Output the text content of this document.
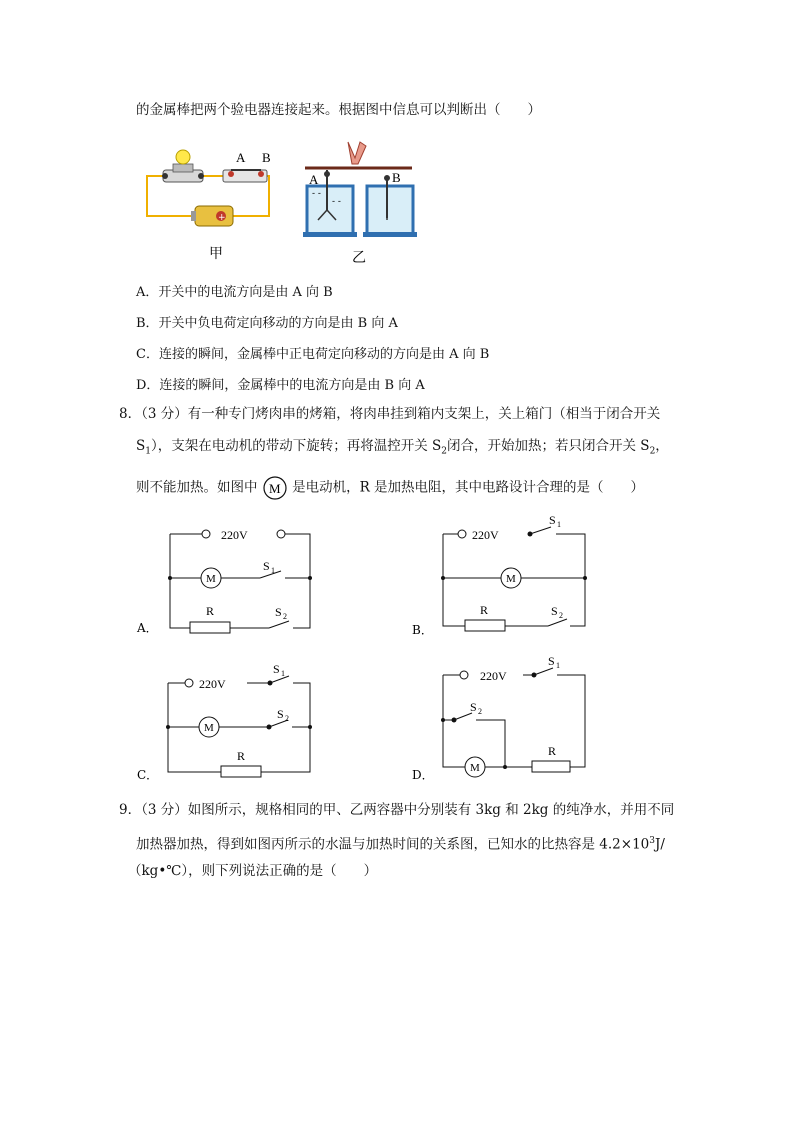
的金属棒把两个验电器连接起来。根据图中信息可以判断出（　　）
A B
+
甲
- -
- -
A	B
乙
A．开关中的电流方向是由 A 向 B
B．开关中负电荷定向移动的方向是由 B 向 A
C．连接的瞬间，金属棒中正电荷定向移动的方向是由 A 向 B
D．连接的瞬间，金属棒中的电流方向是由 B 向 A
8．（3 分）有一种专门烤肉串的烤箱，将肉串挂到箱内支架上，关上箱门（相当于闭合开关
$S_1$），支架在电动机的带动下旋转；再将温控开关 $S_2$闭合，开始加热；若只闭合开关 $S_2$，
则不能加热。如图中 M 是电动机，R 是加热电阻，其中电路设计合理的是（　　）
220V
M
S 1
R	S 2
A．
220V
S 1
M
R	S 2
B．
220V
S 1
M
S 2
R
C．
220V
S 1
S 2
M
R
D．
9．（3 分）如图所示，规格相同的甲、乙两容器中分别装有 3kg 和 2kg 的纯净水，并用不同
加热器加热，得到如图丙所示的水温与加热时间的关系图，已知水的比热容是 $4.2\times 10^3J/$
（kg•℃），则下列说法正确的是（　　）
